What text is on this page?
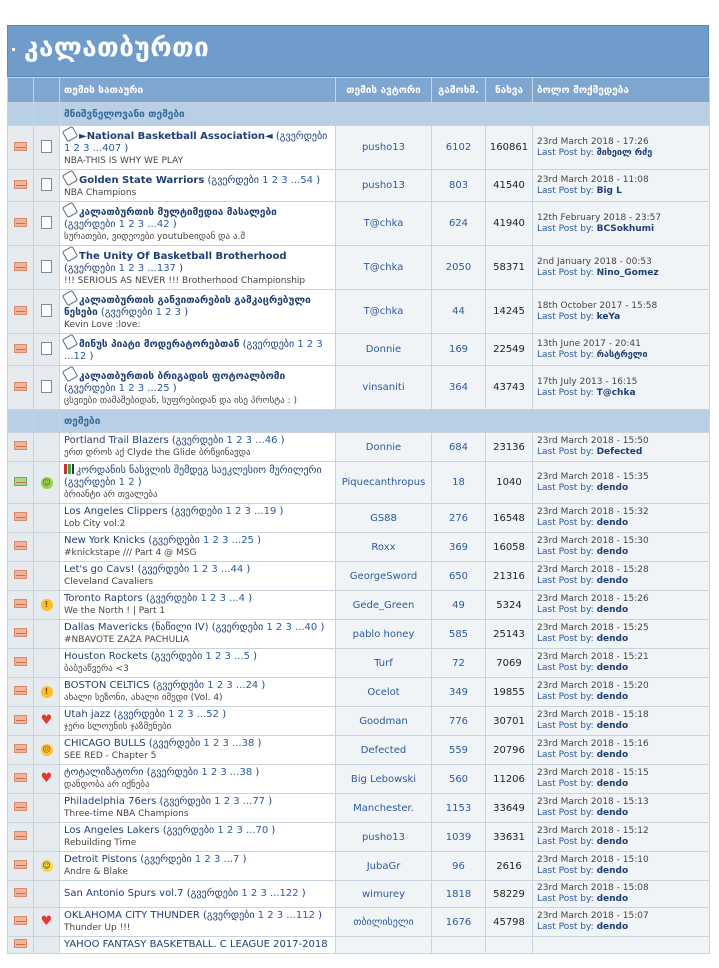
კალათბურთი
		თემის სათაური	თემის ავტორი	გამოხმ.	ნახვა	ბოლო მოქმედება
		მნიშვნელოვანი თემები				
		►National Basketball Association◄ (გვერდები 1 2 3 ...407 )
NBA-THIS IS WHY WE PLAY	pusho13	6102	160861	23rd March 2018 - 17:26
Last Post by: მიხეილ რძე
		Golden State Warriors (გვერდები 1 2 3 ...54 )
NBA Champions	pusho13	803	41540	23rd March 2018 - 11:08
Last Post by: Big L
		კალათბურთის მულტიმედია მასალები (გვერდები 1 2 3 ...42 )
სურათები, ვიდეოები youtubeიდან და ა.შ	T@chka	624	41940	12th February 2018 - 23:57
Last Post by: BCSokhumi
		The Unity Of Basketball Brotherhood (გვერდები 1 2 3 ...137 )
!!! SERIOUS AS NEVER !!! Brotherhood Championship	T@chka	2050	58371	2nd January 2018 - 00:53
Last Post by: Nino_Gomez
		კალათბურთის განვითარების გამკაცრებული ნესები (გვერდები 1 2 3 )
Kevin Love :love:	T@chka	44	14245	18th October 2017 - 15:58
Last Post by: keYa
		მინუს პიატი მოდერატორებთან (გვერდები 1 2 3 ...12 )	Donnie	169	22549	13th June 2017 - 20:41
Last Post by: რასტრელი
		კალათბურთის ბრიგადის ფოტოალბომი (გვერდები 1 2 3 ...25 )
ცსვიები თამაშებიდან, სუფრებიდან და ისე პროსტა : )	vinsaniti	364	43743	17th July 2013 - 16:15
Last Post by: T@chka
		თემები				
		Portland Trail Blazers (გვერდები 1 2 3 ...46 )
ერთ დროს აქ Clyde the Glide ბრწყინავდა	Donnie	684	23136	23rd March 2018 - 15:50
Last Post by: Defected
	☺	კორდანის ნასვლის შემდეგ საეკლესიო მურილერი (გვერდები 1 2 )
ბრიანტი არ თვალება	Piquecanthropus	18	1040	23rd March 2018 - 15:35
Last Post by: dendo
		Los Angeles Clippers (გვერდები 1 2 3 ...19 )
Lob City vol.2	GS88	276	16548	23rd March 2018 - 15:32
Last Post by: dendo
		New York Knicks (გვერდები 1 2 3 ...25 )
#knickstape /// Part 4 @ MSG	Roxx	369	16058	23rd March 2018 - 15:30
Last Post by: dendo
		Let's go Cavs! (გვერდები 1 2 3 ...44 )
Cleveland Cavaliers	GeorgeSword	650	21316	23rd March 2018 - 15:28
Last Post by: dendo
	!	Toronto Raptors (გვერდები 1 2 3 ...4 )
We the North ! | Part 1	Gede_Green	49	5324	23rd March 2018 - 15:26
Last Post by: dendo
		Dallas Mavericks (ნაწილი IV) (გვერდები 1 2 3 ...40 )
#NBAVOTE ZAZA PACHULIA	pablo honey	585	25143	23rd March 2018 - 15:25
Last Post by: dendo
		Houston Rockets (გვერდები 1 2 3 ...5 )
ბაბუაწვერა <3	Turf	72	7069	23rd March 2018 - 15:21
Last Post by: dendo
	!	BOSTON CELTICS (გვერდები 1 2 3 ...24 )
ახალი სეზონი, ახალი იმედი (Vol. 4)	Ocelot	349	19855	23rd March 2018 - 15:20
Last Post by: dendo
	♥	Utah jazz (გვერდები 1 2 3 ...52 )
ჯერი სლოუნის ჯაზმენები	Goodman	776	30701	23rd March 2018 - 15:18
Last Post by: dendo
	☹	CHICAGO BULLS (გვერდები 1 2 3 ...38 )
SEE RED - Chapter 5	Defected	559	20796	23rd March 2018 - 15:16
Last Post by: dendo
	♥	ტოტალიზატორი (გვერდები 1 2 3 ...38 )
დანდობა არ იქნება	Big Lebowski	560	11206	23rd March 2018 - 15:15
Last Post by: dendo
		Philadelphia 76ers (გვერდები 1 2 3 ...77 )
Three-time NBA Champions	Manchester.	1153	33649	23rd March 2018 - 15:13
Last Post by: dendo
		Los Angeles Lakers (გვერდები 1 2 3 ...70 )
Rebuilding Time	pusho13	1039	33631	23rd March 2018 - 15:12
Last Post by: dendo
	☺	Detroit Pistons (გვერდები 1 2 3 ...7 )
Andre & Blake	JubaGr	96	2616	23rd March 2018 - 15:10
Last Post by: dendo
		San Antonio Spurs vol.7 (გვერდები 1 2 3 ...122 )	wimurey	1818	58229	23rd March 2018 - 15:08
Last Post by: dendo
	♥	OKLAHOMA CITY THUNDER (გვერდები 1 2 3 ...112 )
Thunder Up !!!	თბილისელი	1676	45798	23rd March 2018 - 15:07
Last Post by: dendo
		YAHOO FANTASY BASKETBALL. C LEAGUE 2017-2018				
